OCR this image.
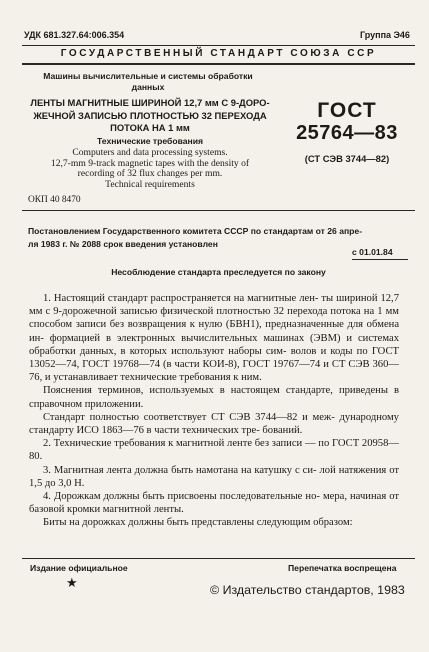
УДК 681.327.64:006.354	Группа Э46
ГОСУДАРСТВЕННЫЙ СТАНДАРТ СОЮЗА ССР
Машины вычислительные и системы обработки данных
ЛЕНТЫ МАГНИТНЫЕ ШИРИНОЙ 12,7 мм С 9-ДОРО-
ЖЕЧНОЙ ЗАПИСЬЮ ПЛОТНОСТЬЮ 32 ПЕРЕХОДА
ПОТОКА НА 1 мм
Технические требования
Computers and data processing systems.
12,7-mm 9-track magnetic tapes with the density of
recording of 32 flux changes per mm.
Technical requirements
ГОСТ
25764—83
(СТ СЭВ 3744—82)
ОКП 40 8470
Постановлением Государственного комитета СССР по стандартам от 26 апре-
ля 1983 г. № 2088 срок введения установлен
с 01.01.84
Несоблюдение стандарта преследуется по закону

1. Настоящий стандарт распространяется на магнитные лен- ты шириной 12,7 мм с 9-дорожечной записью физической плотностью 32 перехода потока на 1 мм способом записи без возвращения к нулю (БВН1), предназначенные для обмена ин- формацией в электронных вычислительных машинах (ЭВМ) и системах обработки данных, в которых используют наборы сим- волов и коды по ГОСТ 13052—74, ГОСТ 19768—74 (в части КОИ-8), ГОСТ 19767—74 и СТ СЭВ 360—76, и устанавливает технические требования к ним.

Пояснения терминов, используемых в настоящем стандарте, приведены в справочном приложении.

Стандарт полностью соответствует СТ СЭВ 3744—82 и меж- дународному стандарту ИСО 1863—76 в части технических тре- бований.

2. Технические требования к магнитной ленте без записи — по ГОСТ 20958—80.

3. Магнитная лента должна быть намотана на катушку с си- лой натяжения от 1,5 до 3,0 Н.

4. Дорожкам должны быть присвоены последовательные но- мера, начиная от базовой кромки магнитной ленты.

Биты на дорожках должны быть представлены следующим образом:

Издание официальное	Перепечатка воспрещена
★	© Издательство стандартов, 1983
